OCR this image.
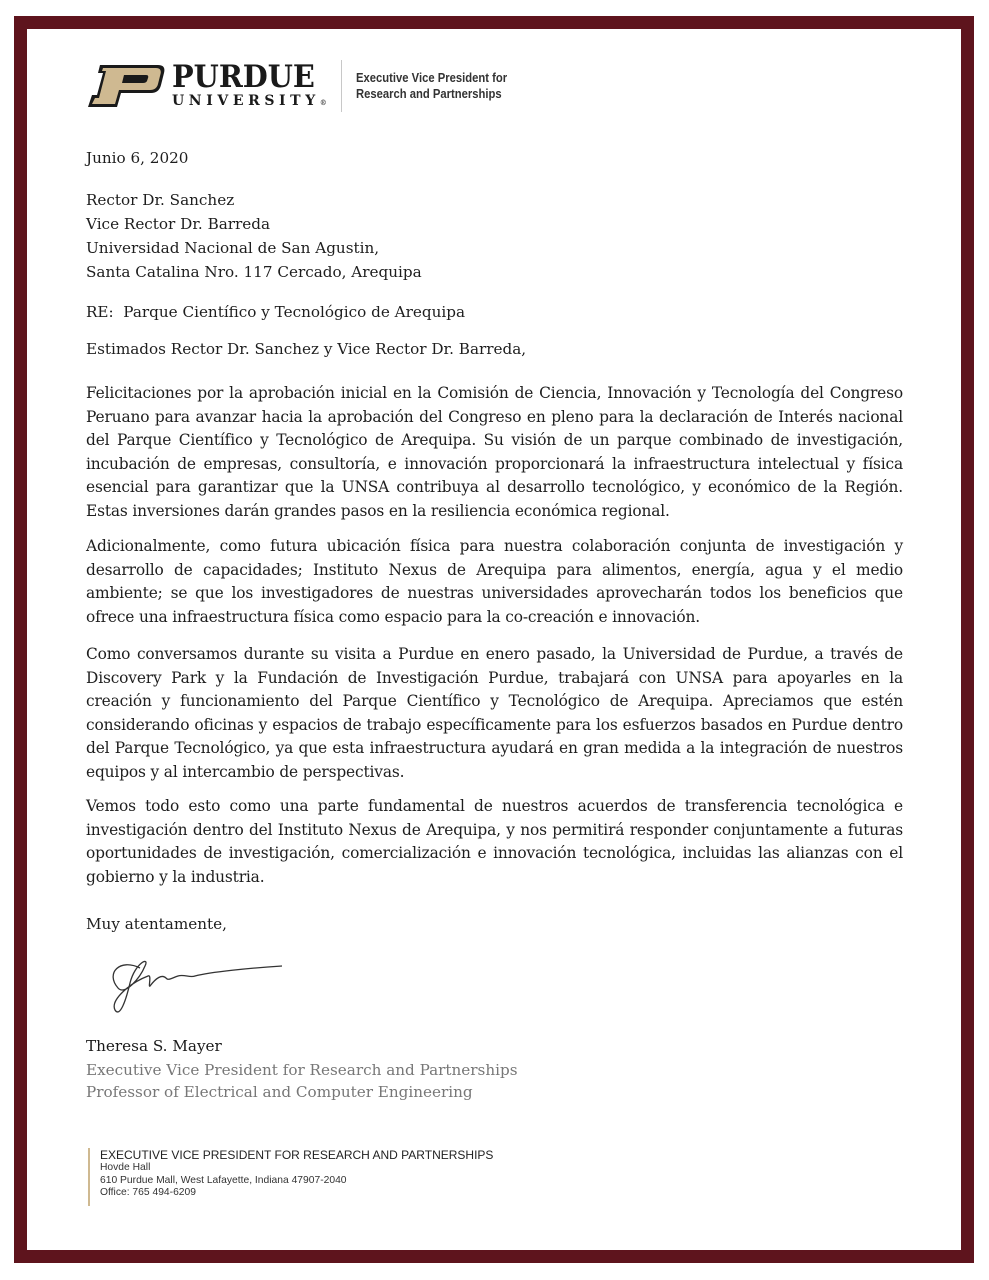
PURDUE
UNIVERSITY®
Executive Vice President for
Research and Partnerships
Junio 6, 2020
Rector Dr. Sanchez
Vice Rector Dr. Barreda
Universidad Nacional de San Agustin,
Santa Catalina Nro. 117 Cercado, Arequipa
RE:  Parque Científico y Tecnológico de Arequipa
Estimados Rector Dr. Sanchez y Vice Rector Dr. Barreda,
Felicitaciones por la aprobación inicial en la Comisión de Ciencia, Innovación y Tecnología del Congreso Peruano para avanzar hacia la aprobación del Congreso en pleno para la declaración de Interés nacional del Parque Científico y Tecnológico de Arequipa. Su visión de un parque combinado de investigación, incubación de empresas, consultoría, e innovación proporcionará la infraestructura intelectual y física esencial para garantizar que la UNSA contribuya al desarrollo tecnológico, y económico de la Región. Estas inversiones darán grandes pasos en la resiliencia económica regional.
Adicionalmente, como futura ubicación física para nuestra colaboración conjunta de investigación y desarrollo de capacidades; Instituto Nexus de Arequipa para alimentos, energía, agua y el medio ambiente; se que los investigadores de nuestras universidades aprovecharán todos los beneficios que ofrece una infraestructura física como espacio para la co-creación e innovación.
Como conversamos durante su visita a Purdue en enero pasado, la Universidad de Purdue, a través de Discovery Park y la Fundación de Investigación Purdue, trabajará con UNSA para apoyarles en la creación y funcionamiento del Parque Científico y Tecnológico de Arequipa. Apreciamos que estén considerando oficinas y espacios de trabajo específicamente para los esfuerzos basados en Purdue dentro del Parque Tecnológico, ya que esta infraestructura ayudará en gran medida a la integración de nuestros equipos y al intercambio de perspectivas.
Vemos todo esto como una parte fundamental de nuestros acuerdos de transferencia tecnológica e investigación dentro del Instituto Nexus de Arequipa, y nos permitirá responder conjuntamente a futuras oportunidades de investigación, comercialización e innovación tecnológica, incluidas las alianzas con el gobierno y la industria.
Muy atentamente,
Theresa S. Mayer
Executive Vice President for Research and Partnerships
Professor of Electrical and Computer Engineering
EXECUTIVE VICE PRESIDENT FOR RESEARCH AND PARTNERSHIPS
Hovde Hall
610 Purdue Mall, West Lafayette, Indiana 47907-2040
Office: 765 494-6209
